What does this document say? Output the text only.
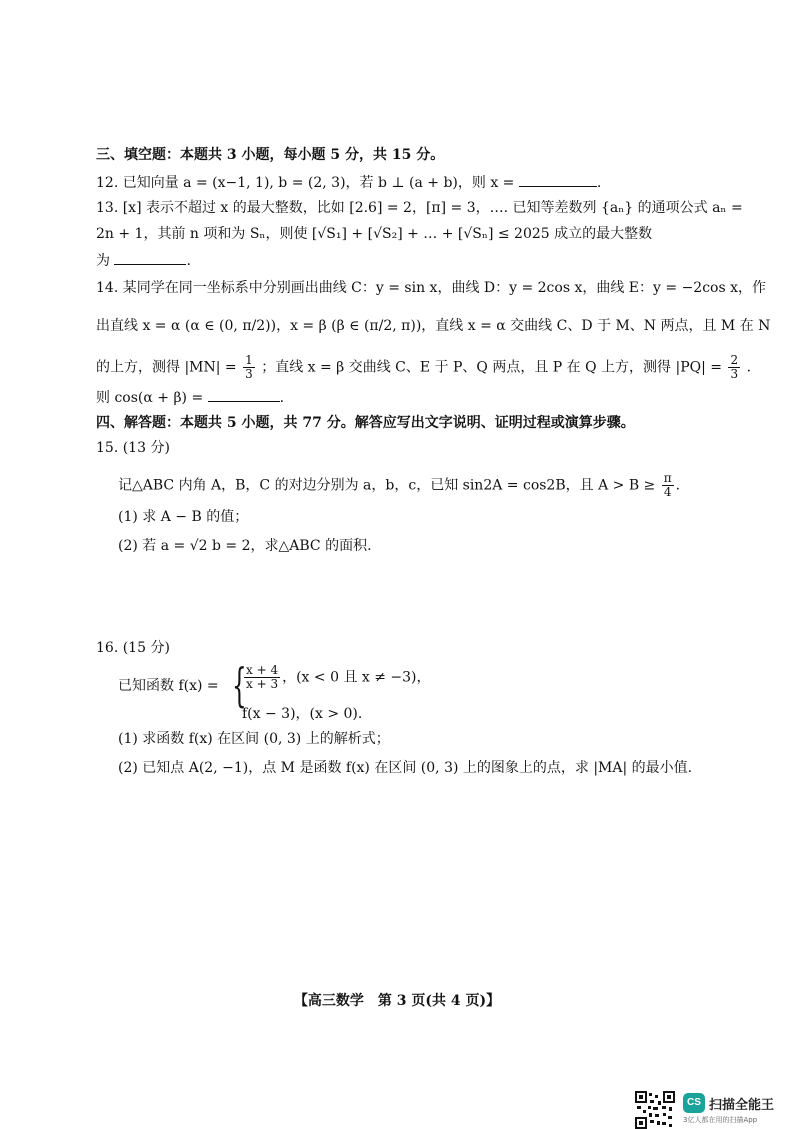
三、填空题：本题共 3 小题，每小题 5 分，共 15 分。
12. 已知向量 a = (x−1, 1), b = (2, 3)，若 b ⊥ (a + b)，则 x =	.
13. [x] 表示不超过 x 的最大整数，比如 [2.6] = 2，[π] = 3，…. 已知等差数列 {aₙ} 的通项公式 aₙ =
2n + 1，其前 n 项和为 Sₙ，则使 [√S₁] + [√S₂] + … + [√Sₙ] ≤ 2025 成立的最大整数
为	.
14. 某同学在同一坐标系中分别画出曲线 C：y = sin x，曲线 D：y = 2cos x，曲线 E：y = −2cos x，作
出直线 x = α (α ∈ (0, π/2))，x = β (β ∈ (π/2, π))，直线 x = α 交曲线 C、D 于 M、N 两点，且 M 在 N
的上方，测得 $|MN| = \frac{1}{3}$ ；直线 x = β 交曲线 C、E 于 P、Q 两点，且 P 在 Q 上方，测得 $|PQ| = \frac{2}{3}$ .
则 cos(α + β) =	.
四、解答题：本题共 5 小题，共 77 分。解答应写出文字说明、证明过程或演算步骤。
15. (13 分)
记△ABC 内角 A，B，C 的对边分别为 a，b，c，已知 sin2A = cos2B，且 $A > B \ge \frac{\pi}{4}$ .
(1) 求 A − B 的值；
(2) 若 a = √2 b = 2，求△ABC 的面积.
16. (15 分)
已知函数 f(x) = {
$\frac{x + 4}{x + 3}$ ，(x < 0 且 x ≠ −3)，
f(x − 3)，(x > 0).
(1) 求函数 f(x) 在区间 (0, 3) 上的解析式；
(2) 已知点 A(2, −1)，点 M 是函数 f(x) 在区间 (0, 3) 上的图象上的点，求 |MA| 的最小值.
【高三数学　第 3 页(共 4 页)】
CS 扫描全能王
3亿人都在用的扫描App
